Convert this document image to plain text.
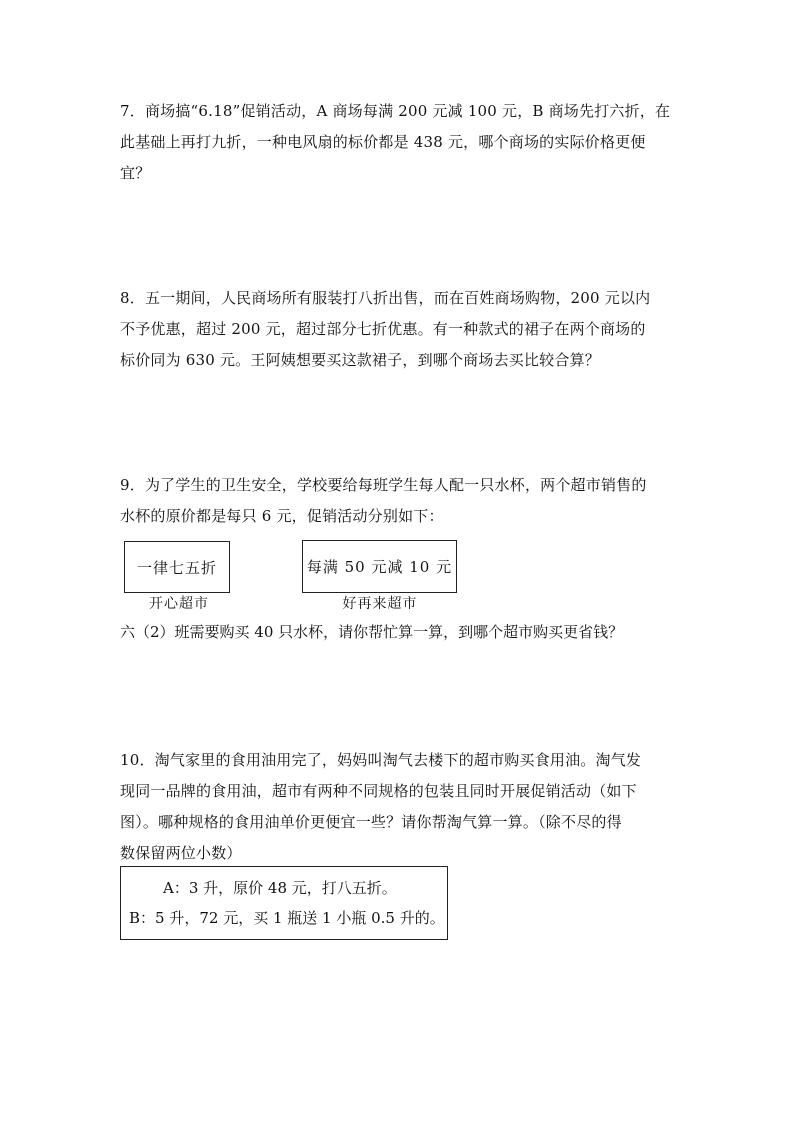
7．商场搞“6.18”促销活动，A 商场每满 200 元减 100 元，B 商场先打六折，在
此基础上再打九折，一种电风扇的标价都是 438 元，哪个商场的实际价格更便
宜？
8．五一期间，人民商场所有服装打八折出售，而在百姓商场购物，200 元以内
不予优惠，超过 200 元，超过部分七折优惠。有一种款式的裙子在两个商场的
标价同为 630 元。王阿姨想要买这款裙子，到哪个商场去买比较合算？
9．为了学生的卫生安全，学校要给每班学生每人配一只水杯，两个超市销售的
水杯的原价都是每只 6 元，促销活动分别如下：
一律七五折
开心超市
每满 50 元减 10 元
好再来超市
六（2）班需要购买 40 只水杯，请你帮忙算一算，到哪个超市购买更省钱？
10．淘气家里的食用油用完了，妈妈叫淘气去楼下的超市购买食用油。淘气发
现同一品牌的食用油，超市有两种不同规格的包装且同时开展促销活动（如下
图）。哪种规格的食用油单价更便宜一些？请你帮淘气算一算。（除不尽的得
数保留两位小数）
A：3 升，原价 48 元，打八五折。
B：5 升，72 元，买 1 瓶送 1 小瓶 0.5 升的。
